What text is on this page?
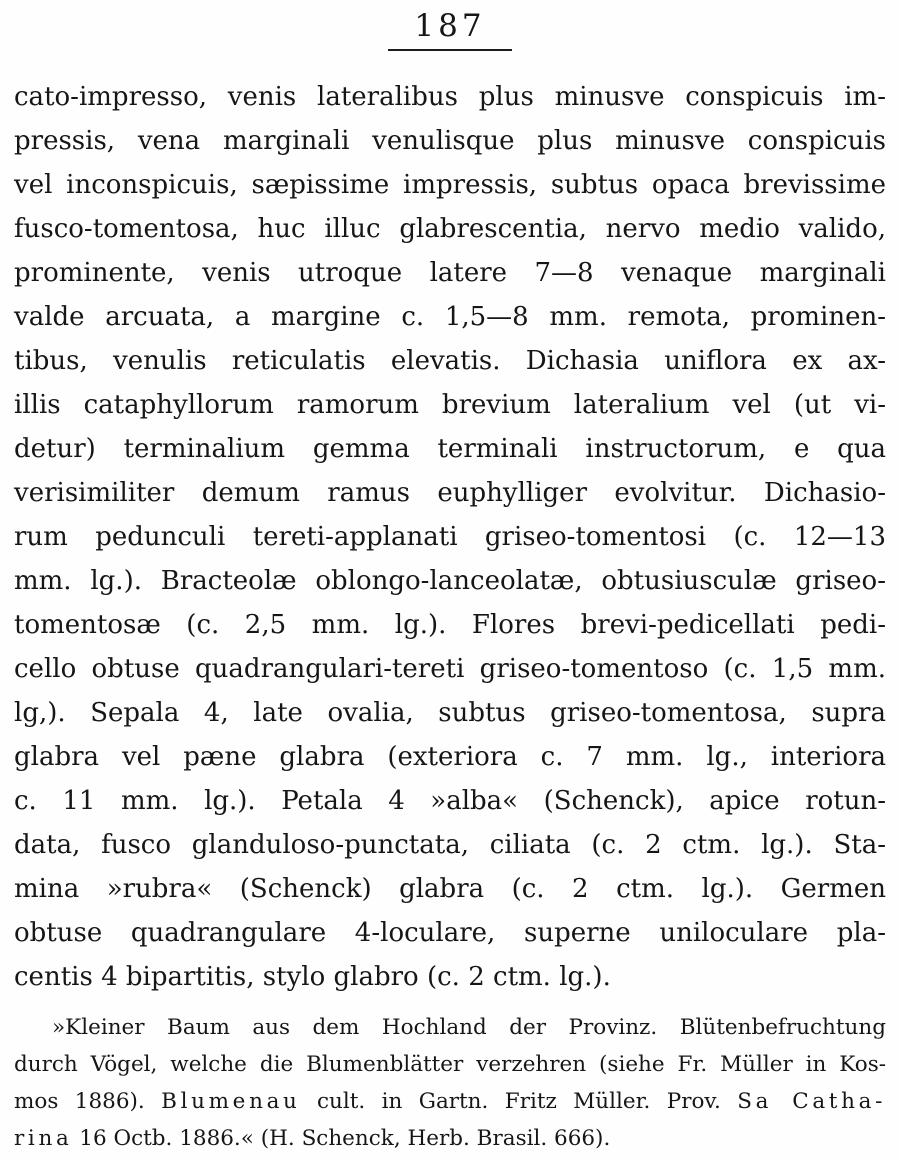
187
cato-impresso, venis lateralibus plus minusve conspicuis im-
pressis, vena marginali venulisque plus minusve conspicuis
vel inconspicuis, sæpissime impressis, subtus opaca brevissime
fusco-tomentosa, huc illuc glabrescentia, nervo medio valido,
prominente, venis utroque latere 7—8 venaque marginali
valde arcuata, a margine c. 1,5—8 mm. remota, prominen-
tibus, venulis reticulatis elevatis. Dichasia uniflora ex ax-
illis cataphyllorum ramorum brevium lateralium vel (ut vi-
detur) terminalium gemma terminali instructorum, e qua
verisimiliter demum ramus euphylliger evolvitur. Dichasio-
rum pedunculi tereti-applanati griseo-tomentosi (c. 12—13
mm. lg.). Bracteolæ oblongo-lanceolatæ, obtusiusculæ griseo-
tomentosæ (c. 2,5 mm. lg.). Flores brevi-pedicellati pedi-
cello obtuse quadrangulari-tereti griseo-tomentoso (c. 1,5 mm.
lg,). Sepala 4, late ovalia, subtus griseo-tomentosa, supra
glabra vel pæne glabra (exteriora c. 7 mm. lg., interiora
c. 11 mm. lg.). Petala 4 »alba« (Schenck), apice rotun-
data, fusco glanduloso-punctata, ciliata (c. 2 ctm. lg.). Sta-
mina »rubra« (Schenck) glabra (c. 2 ctm. lg.). Germen
obtuse quadrangulare 4-loculare, superne uniloculare pla-
centis 4 bipartitis, stylo glabro (c. 2 ctm. lg.).
»Kleiner Baum aus dem Hochland der Provinz. Blütenbefruchtung
durch Vögel, welche die Blumenblätter verzehren (siehe Fr. Müller in Kos-
mos 1886). Blumenau cult. in Gartn. Fritz Müller. Prov. Sa Catha-
rina 16 Octb. 1886.« (H. Schenck, Herb. Brasil. 666).
